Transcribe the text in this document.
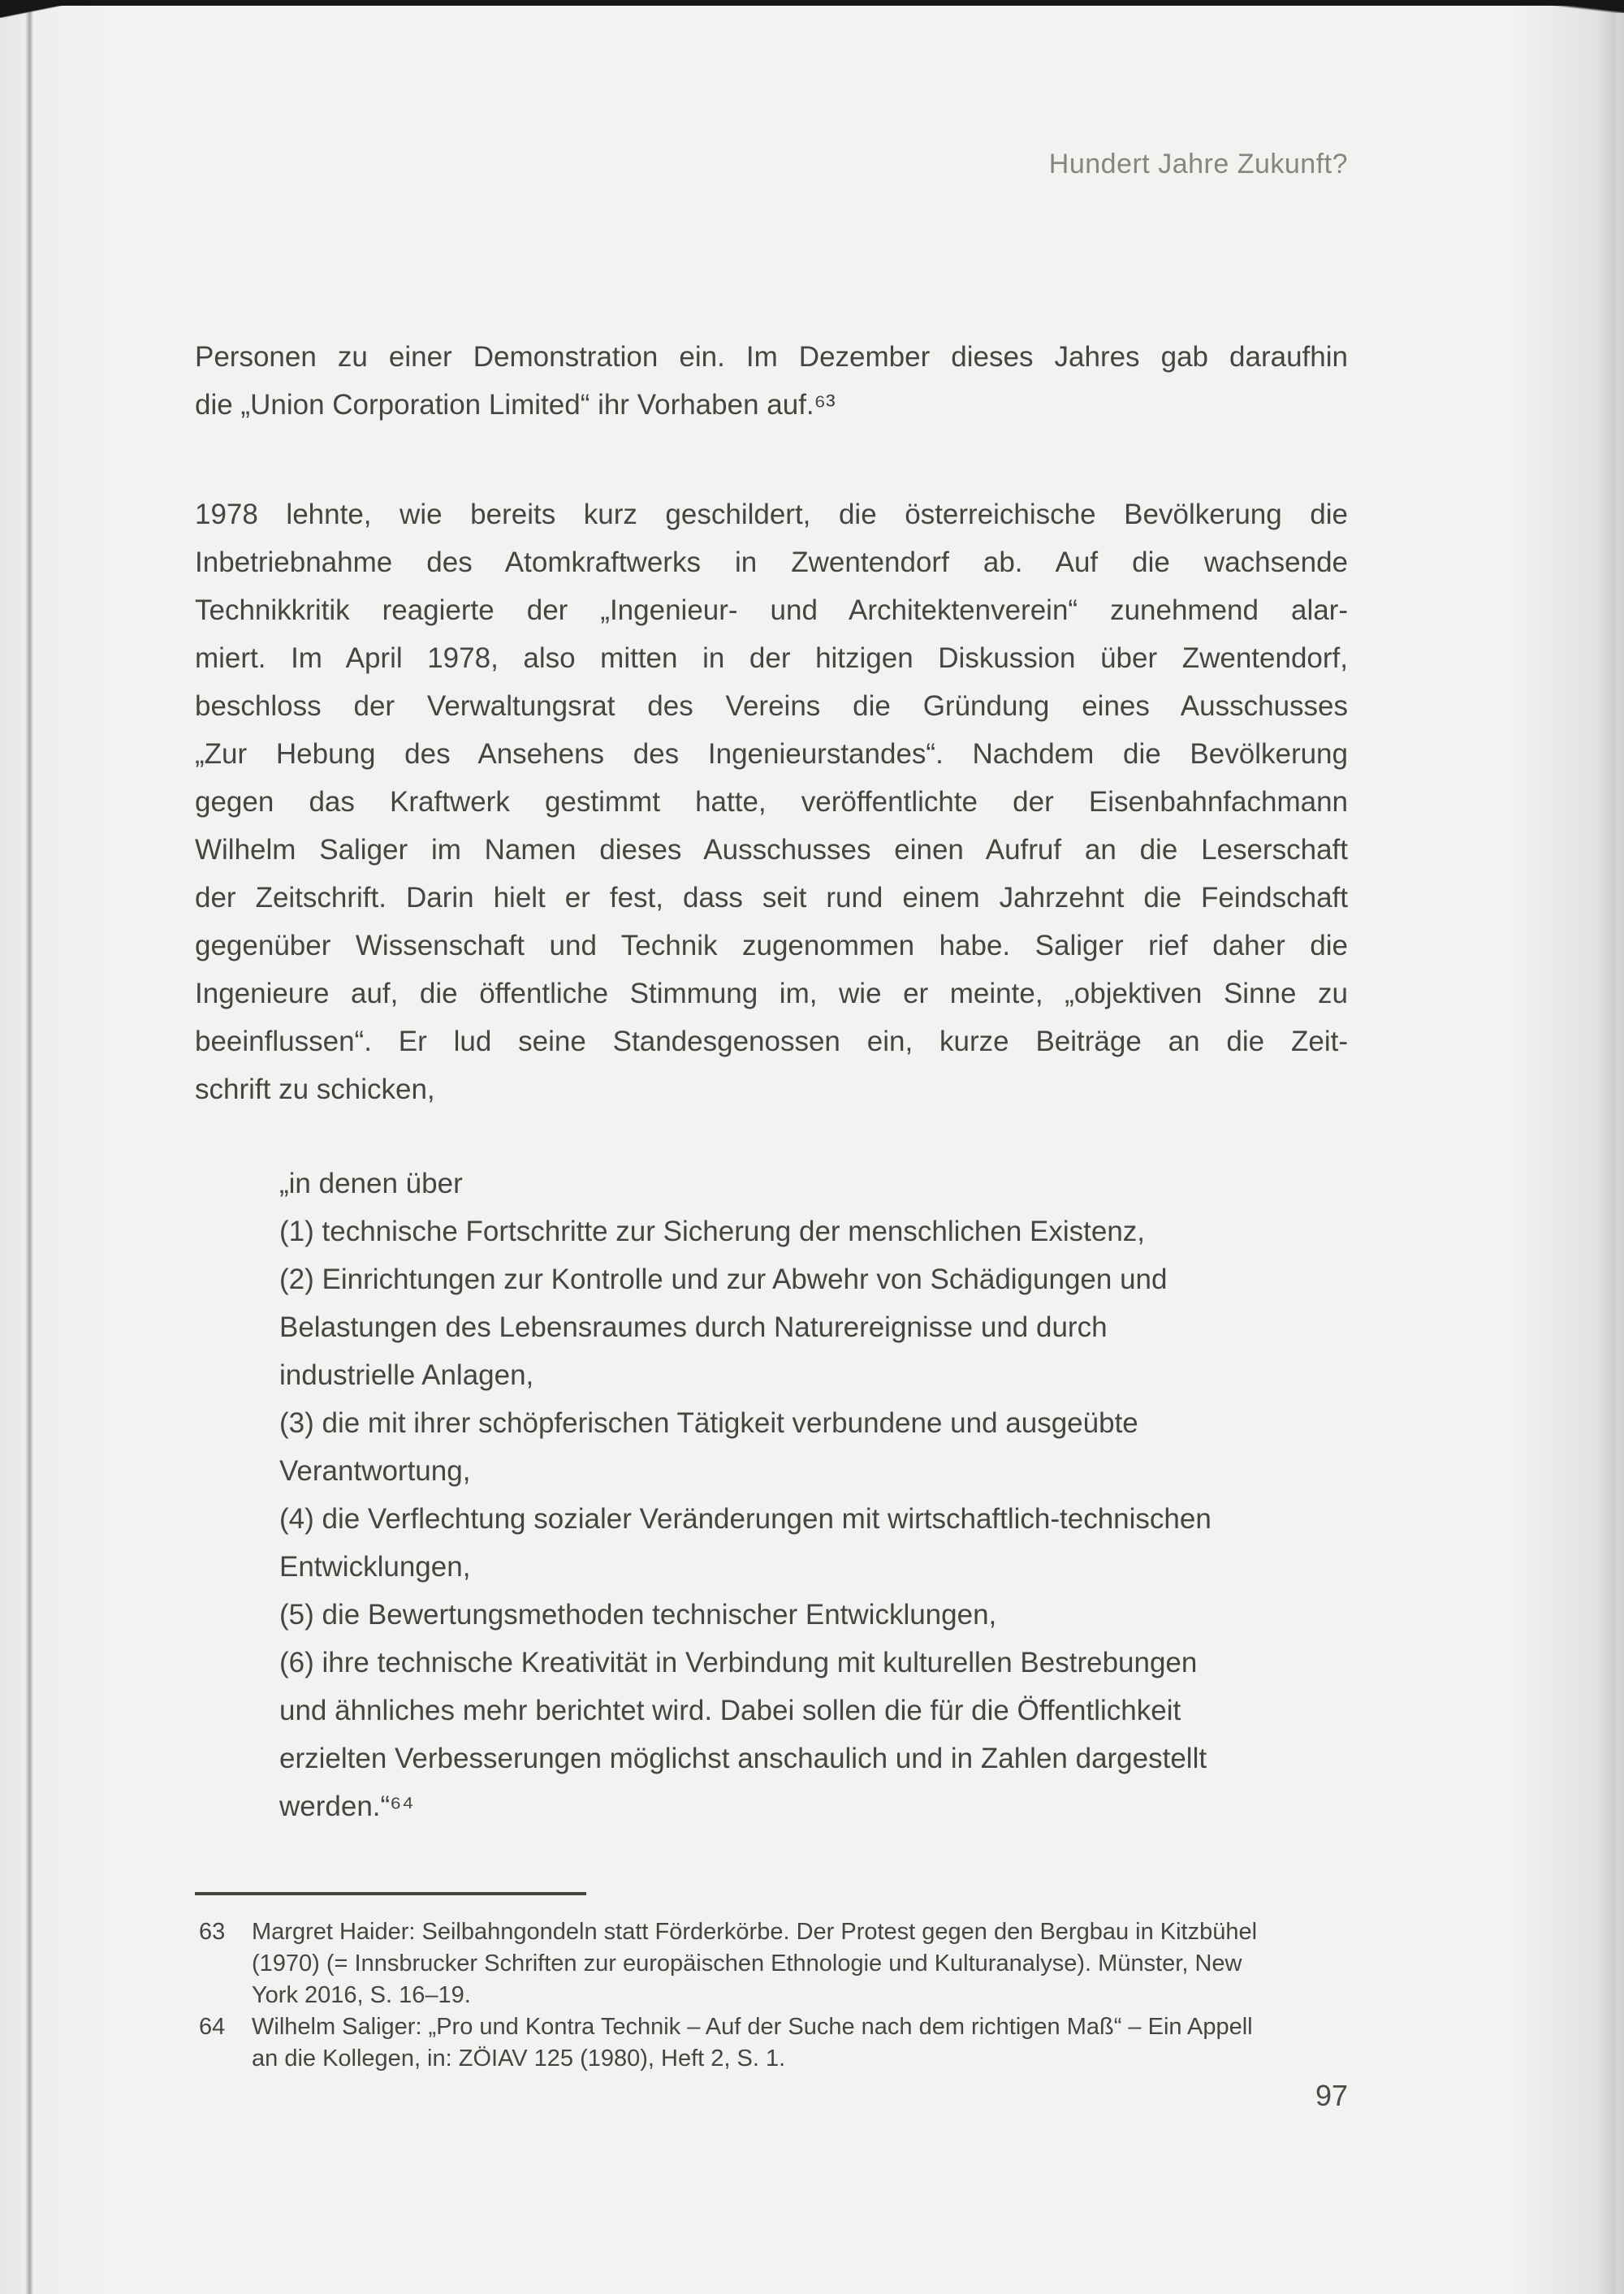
Hundert Jahre Zukunft?
Personen zu einer Demonstration ein. Im Dezember dieses Jahres gab daraufhin
die „Union Corporation Limited“ ihr Vorhaben auf.⁶³
1978 lehnte, wie bereits kurz geschildert, die österreichische Bevölkerung die
Inbetriebnahme des Atomkraftwerks in Zwentendorf ab. Auf die wachsende
Technikkritik reagierte der „Ingenieur- und Architektenverein“ zunehmend alar-
miert. Im April 1978, also mitten in der hitzigen Diskussion über Zwentendorf,
beschloss der Verwaltungsrat des Vereins die Gründung eines Ausschusses
„Zur Hebung des Ansehens des Ingenieurstandes“. Nachdem die Bevölkerung
gegen das Kraftwerk gestimmt hatte, veröffentlichte der Eisenbahnfachmann
Wilhelm Saliger im Namen dieses Ausschusses einen Aufruf an die Leserschaft
der Zeitschrift. Darin hielt er fest, dass seit rund einem Jahrzehnt die Feindschaft
gegenüber Wissenschaft und Technik zugenommen habe. Saliger rief daher die
Ingenieure auf, die öffentliche Stimmung im, wie er meinte, „objektiven Sinne zu
beeinflussen“. Er lud seine Standesgenossen ein, kurze Beiträge an die Zeit-
schrift zu schicken,
„in denen über
(1) technische Fortschritte zur Sicherung der menschlichen Existenz,
(2) Einrichtungen zur Kontrolle und zur Abwehr von Schädigungen und
Belastungen des Lebensraumes durch Naturereignisse und durch
industrielle Anlagen,
(3) die mit ihrer schöpferischen Tätigkeit verbundene und ausgeübte
Verantwortung,
(4) die Verflechtung sozialer Veränderungen mit wirtschaftlich-technischen
Entwicklungen,
(5) die Bewertungsmethoden technischer Entwicklungen,
(6) ihre technische Kreativität in Verbindung mit kulturellen Bestrebungen
und ähnliches mehr berichtet wird. Dabei sollen die für die Öffentlichkeit
erzielten Verbesserungen möglichst anschaulich und in Zahlen dargestellt
werden.“⁶⁴
63	Margret Haider: Seilbahngondeln statt Förderkörbe. Der Protest gegen den Bergbau in Kitzbühel
(1970) (= Innsbrucker Schriften zur europäischen Ethnologie und Kulturanalyse). Münster, New
York 2016, S. 16–19.
64	Wilhelm Saliger: „Pro und Kontra Technik – Auf der Suche nach dem richtigen Maß“ – Ein Appell
an die Kollegen, in: ZÖIAV 125 (1980), Heft 2, S. 1.
97
